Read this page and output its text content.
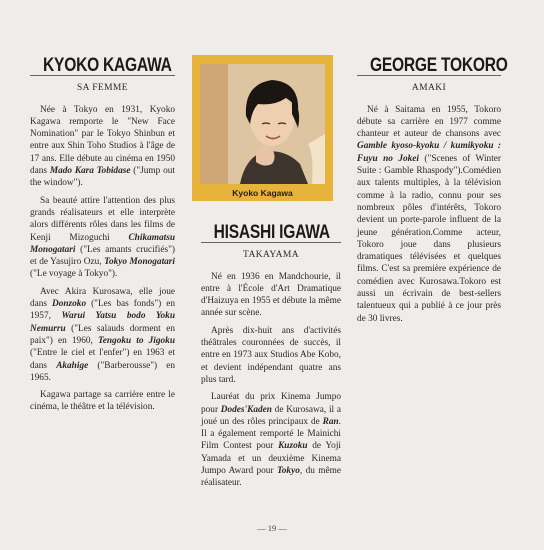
KYOKO KAGAWA
SA FEMME

Née à Tokyo en 1931, Kyoko Kagawa remporte le "New Face Nomination" par le Tokyo Shinbun et entre aux Shin Toho Studios à l'âge de 17 ans. Elle débute au cinéma en 1950 dans Mado Kara Tobidase ("Jump out the window").

Sa beauté attire l'attention des plus grands réalisateurs et elle interprète alors différents rôles dans les films de Kenji Mizoguchi Chikamatsu Monogatari ("Les amants crucifiés") et de Yasujiro Ozu, Tokyo Monogatari ("Le voyage à Tokyo").

Avec Akira Kurosawa, elle joue dans Donzoko ("Les bas fonds") en 1957, Warui Yatsu bodo Yoku Nemurru ("Les salauds dorment en paix") en 1960, Tengoku to Jigoku ("Entre le ciel et l'enfer") en 1963 et dans Akahige ("Barberousse") en 1965.

Kagawa partage sa carrière entre le cinéma, le théâtre et la télévision.

Kyoko Kagawa
HISASHI IGAWA
TAKAYAMA

Né en 1936 en Mandchourie, il entre à l'École d'Art Dramatique d'Haizuya en 1955 et débute la même année sur scène.

Après dix-huit ans d'activités théâtrales couronnées de succès, il entre en 1973 aux Studios Abe Kobo, et devient indépendant quatre ans plus tard.

Lauréat du prix Kinema Jumpo pour Dodes'Kaden de Kurosawa, il a joué un des rôles principaux de Ran. Il a également remporté le Mainichi Film Contest pour Kuzoku de Yoji Yamada et un deuxième Kinema Jumpo Award pour Tokyo, du même réalisateur.

GEORGE TOKORO
AMAKI

Né à Saitama en 1955, Tokoro débute sa carrière en 1977 comme chanteur et auteur de chansons avec Gamble kyoso-kyoku / kumikyoku : Fuyu no Jokei ("Scenes of Winter Suite : Gamble Rhaspody").Comédien aux talents multiples, à la télévision comme à la radio, connu pour ses nombreux pôles d'intérêts, Tokoro devient un porte-parole influent de la jeune génération.Comme acteur, Tokoro joue dans plusieurs dramatiques télévisées et quelques films. C'est sa première expérience de comédien avec Kurosawa.Tokoro est aussi un écrivain de best-sellers talentueux qui a publié à ce jour près de 30 livres.

— 19 —
